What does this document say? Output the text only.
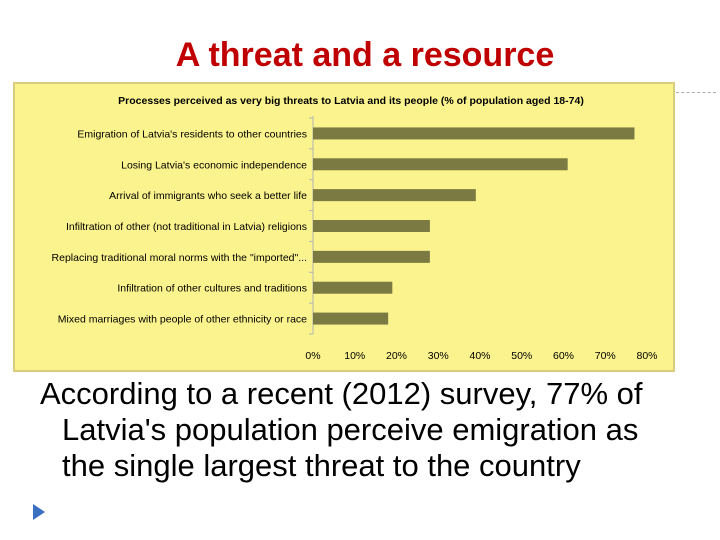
A threat and a resource
Processes perceived as very big threats to Latvia and its people (% of population aged 18-74)
Emigration of Latvia's residents to other countries
Losing Latvia's economic independence
Arrival of immigrants who seek a better life
Infiltration of other (not traditional in Latvia) religions
Replacing traditional moral norms with the "imported"...
Infiltration of other cultures and traditions
Mixed marriages with people of other ethnicity or race
0% 10% 20% 30% 40% 50% 60% 70% 80%
According to a recent (2012) survey, 77% of Latvia's population perceive emigration as the single largest threat to the country
